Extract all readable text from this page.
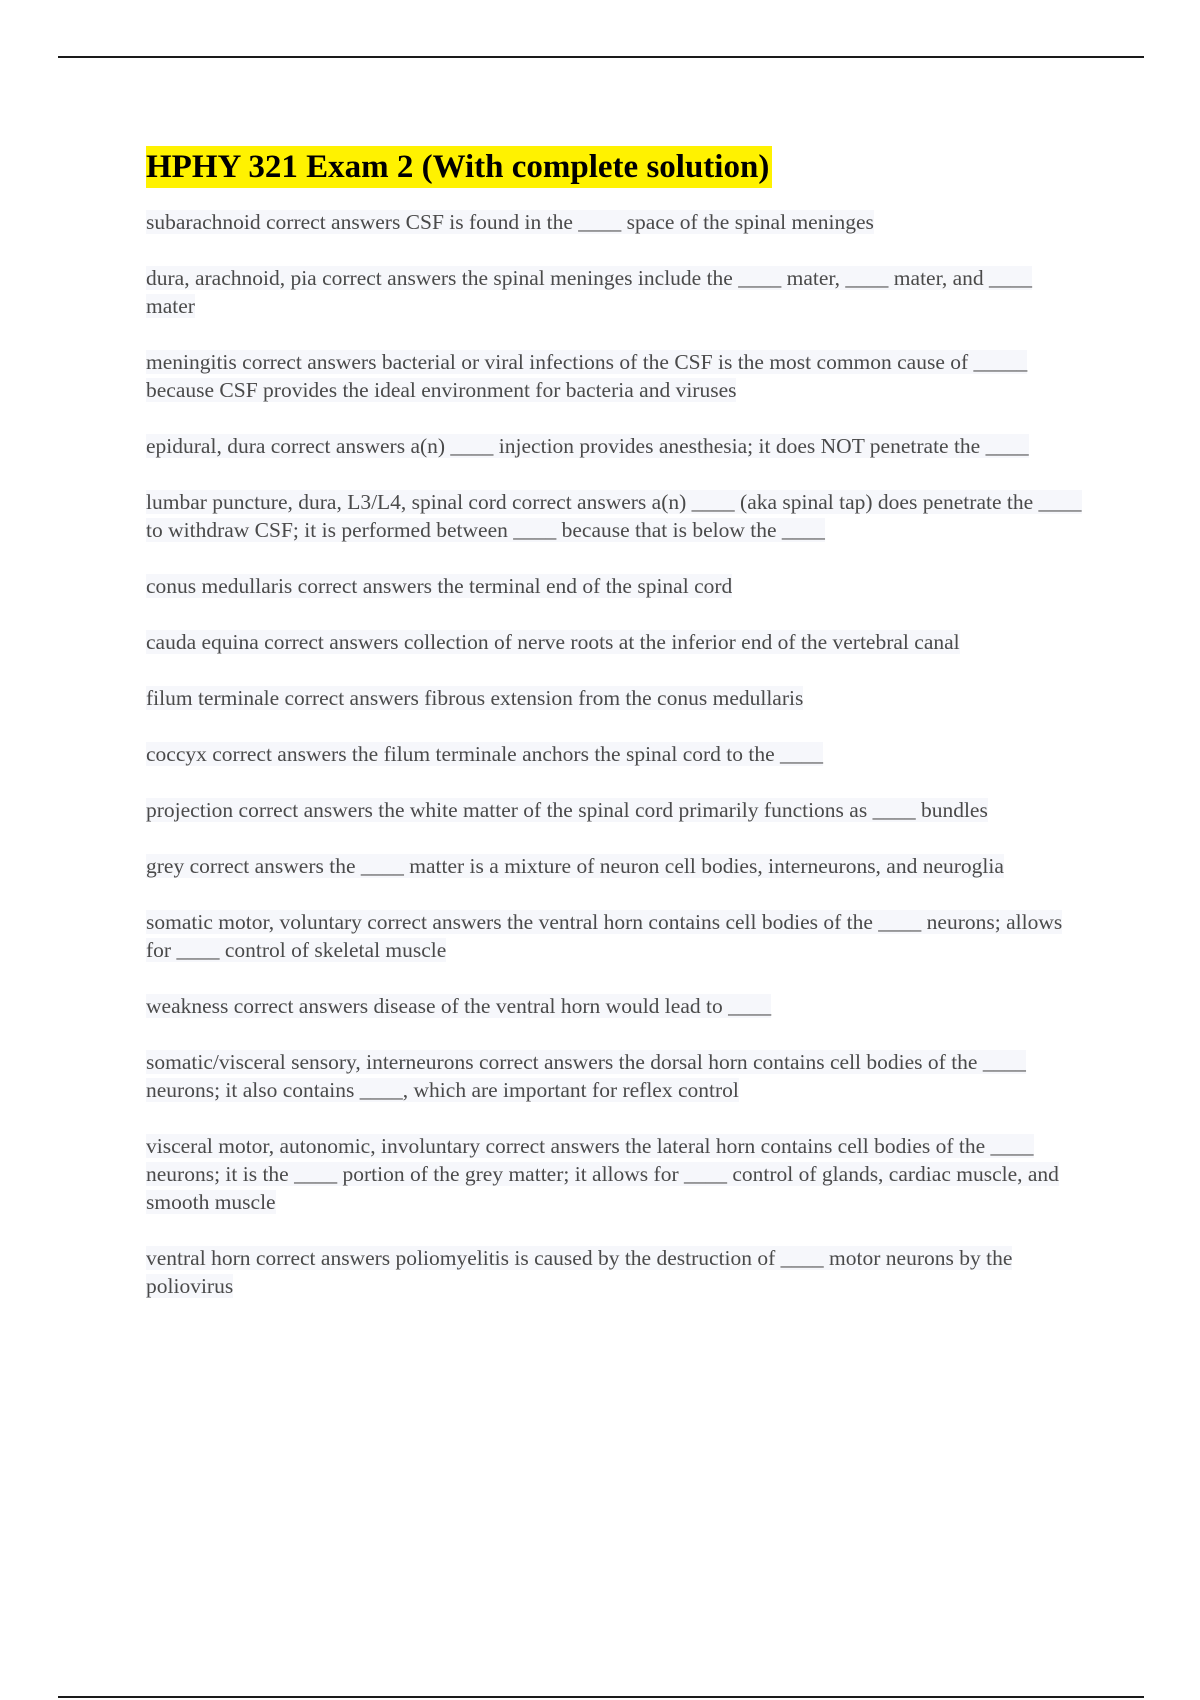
HPHY 321 Exam 2 (With complete solution)
subarachnoid correct answers CSF is found in the ____ space of the spinal meninges
dura, arachnoid, pia correct answers the spinal meninges include the ____ mater, ____ mater, and ____ mater
meningitis correct answers bacterial or viral infections of the CSF is the most common cause of _____ because CSF provides the ideal environment for bacteria and viruses
epidural, dura correct answers a(n) ____ injection provides anesthesia; it does NOT penetrate the ____
lumbar puncture, dura, L3/L4, spinal cord correct answers a(n) ____ (aka spinal tap) does penetrate the ____ to withdraw CSF; it is performed between ____ because that is below the ____
conus medullaris correct answers the terminal end of the spinal cord
cauda equina correct answers collection of nerve roots at the inferior end of the vertebral canal
filum terminale correct answers fibrous extension from the conus medullaris
coccyx correct answers the filum terminale anchors the spinal cord to the ____
projection correct answers the white matter of the spinal cord primarily functions as ____ bundles
grey correct answers the ____ matter is a mixture of neuron cell bodies, interneurons, and neuroglia
somatic motor, voluntary correct answers the ventral horn contains cell bodies of the ____ neurons; allows for ____ control of skeletal muscle
weakness correct answers disease of the ventral horn would lead to ____
somatic/visceral sensory, interneurons correct answers the dorsal horn contains cell bodies of the ____ neurons; it also contains ____, which are important for reflex control
visceral motor, autonomic, involuntary correct answers the lateral horn contains cell bodies of the ____ neurons; it is the ____ portion of the grey matter; it allows for ____ control of glands, cardiac muscle, and smooth muscle
ventral horn correct answers poliomyelitis is caused by the destruction of ____ motor neurons by the poliovirus
